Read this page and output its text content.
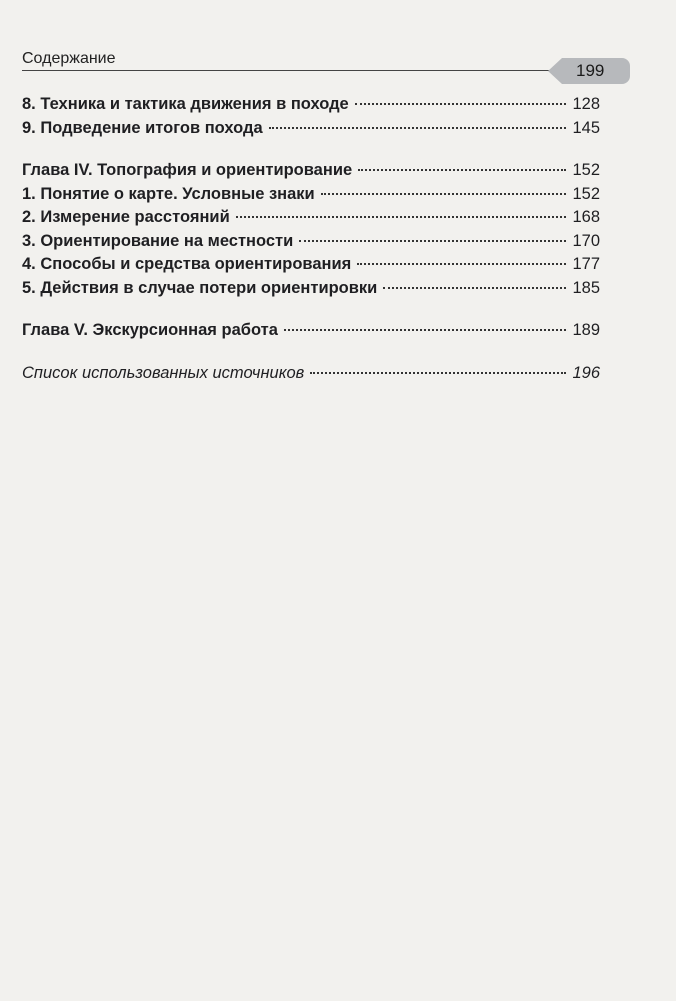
Содержание
199
8. Техника и тактика движения в походе	128
9. Подведение итогов похода	145
Глава IV. Топография и ориентирование	152
1. Понятие о карте. Условные знаки	152
2. Измерение расстояний	168
3. Ориентирование на местности	170
4. Способы и средства ориентирования	177
5. Действия в случае потери ориентировки	185
Глава V. Экскурсионная работа	189
Список использованных источников	196
